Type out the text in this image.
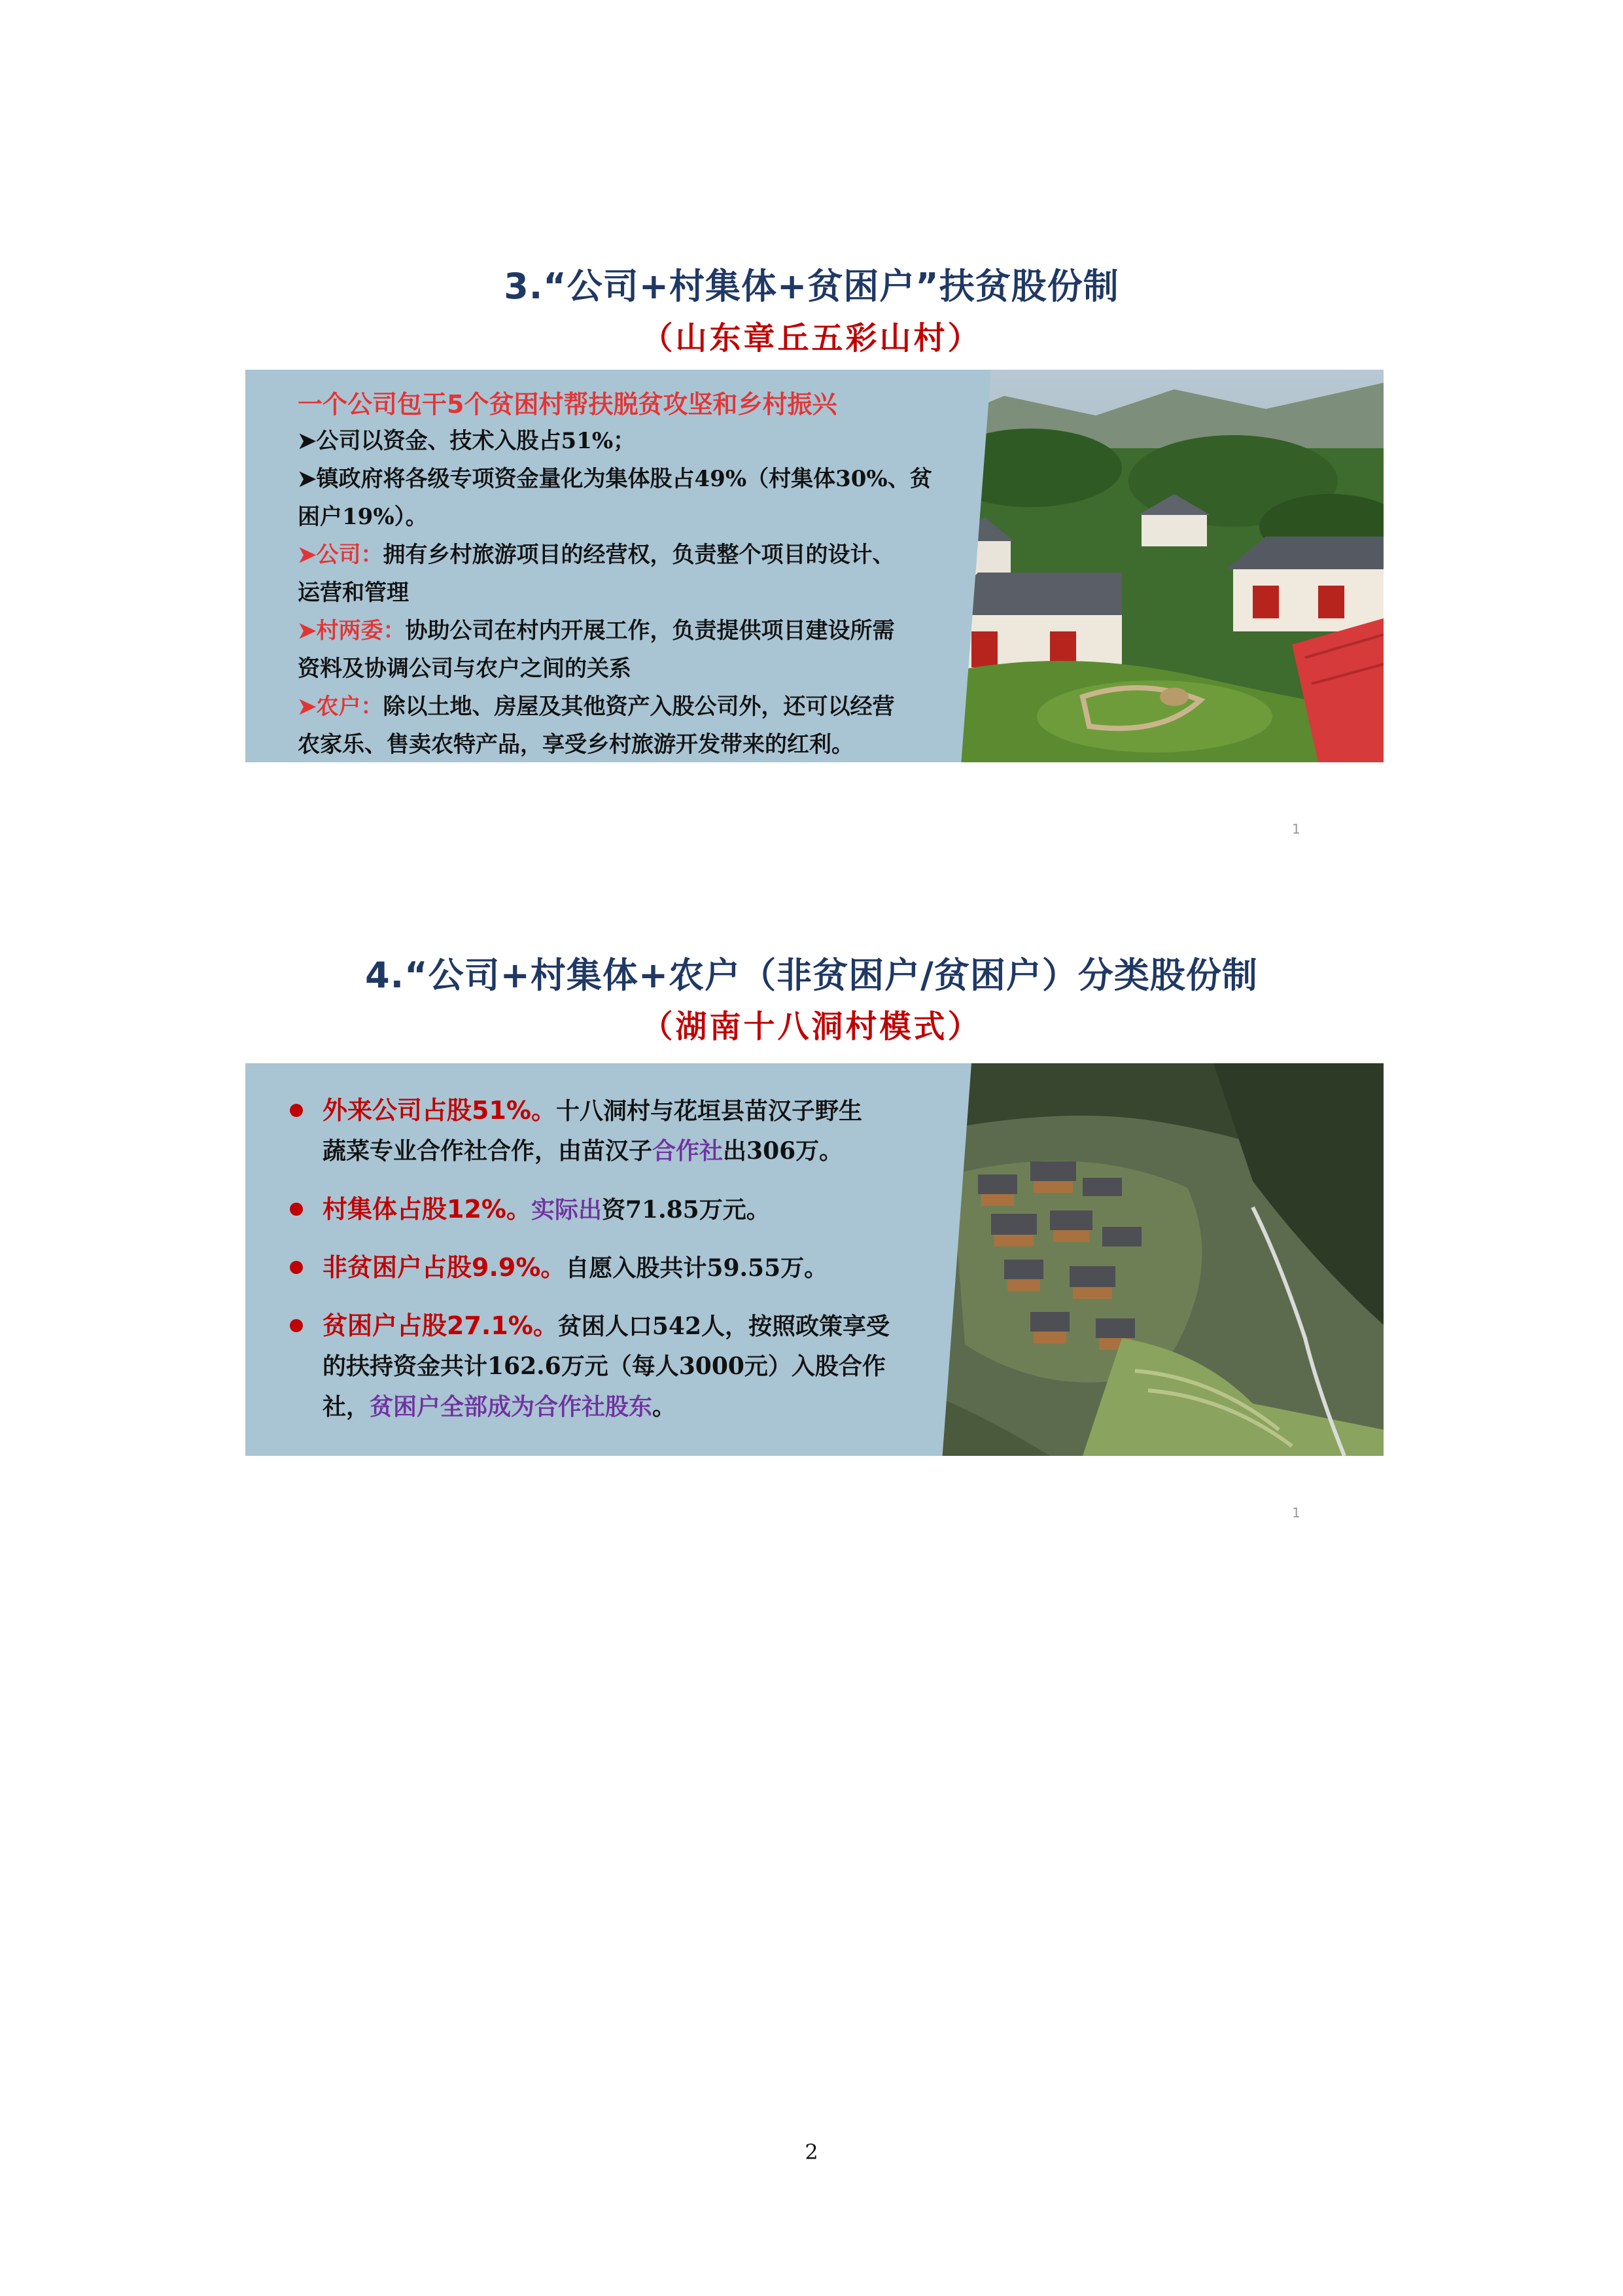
3.“公司+村集体+贫困户”扶贫股份制
（山东章丘五彩山村）
一个公司包干5个贫困村帮扶脱贫攻坚和乡村振兴
➤公司以资金、技术入股占51%；
➤镇政府将各级专项资金量化为集体股占49%（村集体30%、贫
困户19%）。
➤公司：拥有乡村旅游项目的经营权，负责整个项目的设计、
运营和管理
➤村两委：协助公司在村内开展工作，负责提供项目建设所需
资料及协调公司与农户之间的关系
➤农户：除以土地、房屋及其他资产入股公司外，还可以经营
农家乐、售卖农特产品，享受乡村旅游开发带来的红利。
1
4.“公司+村集体+农户（非贫困户/贫困户）分类股份制
（湖南十八洞村模式）
外来公司占股51%。十八洞村与花垣县苗汉子野生
蔬菜专业合作社合作，由苗汉子合作社出306万。
村集体占股12%。实际出资71.85万元。
非贫困户占股9.9%。自愿入股共计59.55万。
贫困户占股27.1%。贫困人口542人，按照政策享受
的扶持资金共计162.6万元（每人3000元）入股合作
社，贫困户全部成为合作社股东。
1
2
